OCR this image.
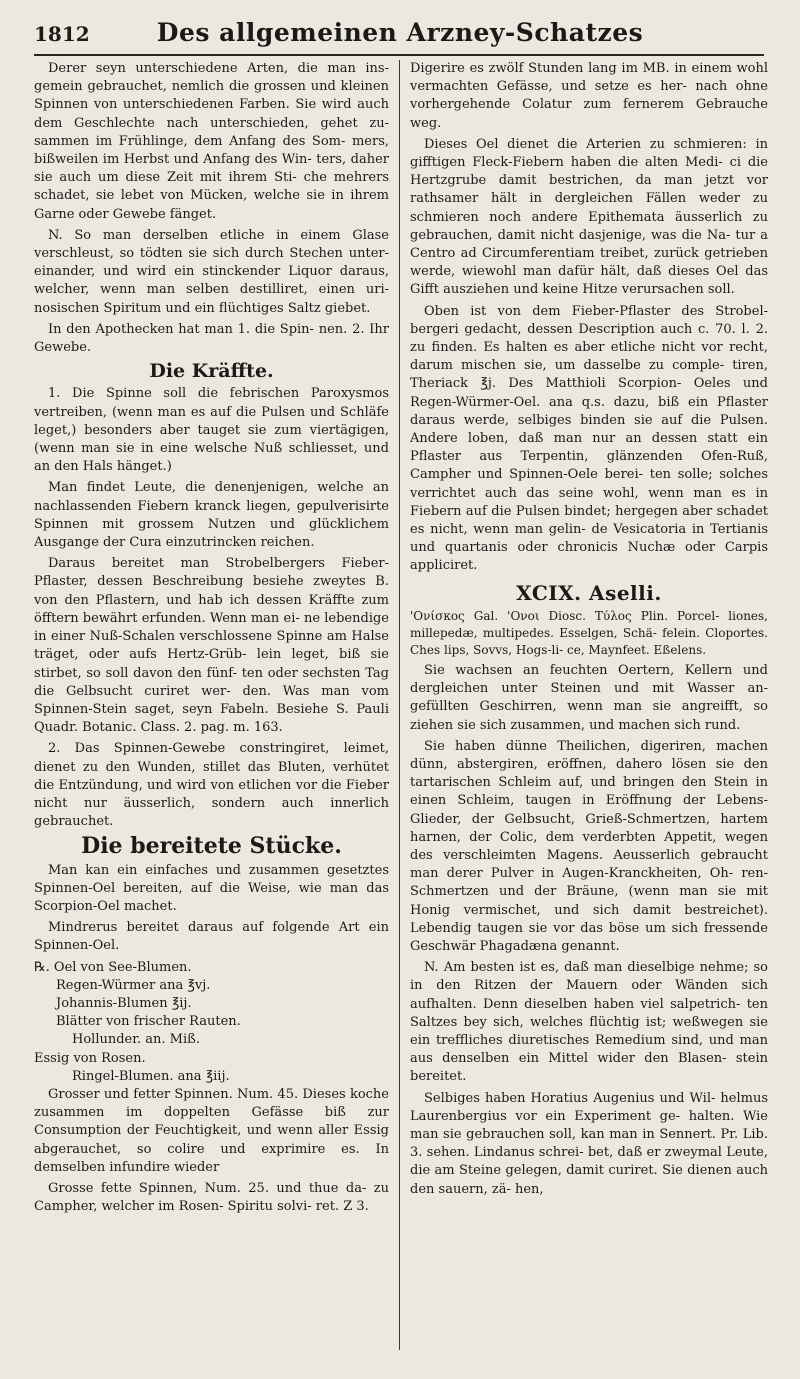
1812	Des allgemeinen Arzney-Schatzes

Derer seyn unterschiedene Arten, die man ins- gemein gebrauchet, nemlich die grossen und kleinen Spinnen von unterschiedenen Farben. Sie wird auch dem Geschlechte nach unterschieden, gehet zu- sammen im Frühlinge, dem Anfang des Som- mers, bißweilen im Herbst und Anfang des Win- ters, daher sie auch um diese Zeit mit ihrem Sti- che mehrers schadet, sie lebet von Mücken, welche sie in ihrem Garne oder Gewebe fänget.

N. So man derselben etliche in einem Glase verschleust, so tödten sie sich durch Stechen unter- einander, und wird ein stinckender Liquor daraus, welcher, wenn man selben destilliret, einen uri- nosischen Spiritum und ein flüchtiges Saltz giebet.

In den Apothecken hat man 1. die Spin- nen. 2. Ihr Gewebe.

Die Kräffte.

1. Die Spinne soll die febrischen Paroxysmos vertreiben, (wenn man es auf die Pulsen und Schläfe leget,) besonders aber tauget sie zum viertägigen, (wenn man sie in eine welsche Nuß schliesset, und an den Hals hänget.)

Man findet Leute, die denenjenigen, welche an nachlassenden Fiebern kranck liegen, gepulverisirte Spinnen mit grossem Nutzen und glücklichem Ausgange der Cura einzutrincken reichen.

Daraus bereitet man Strobelbergers Fieber- Pflaster, dessen Beschreibung besiehe zweytes B. von den Pflastern, und hab ich dessen Kräffte zum öfftern bewährt erfunden. Wenn man ei- ne lebendige in einer Nuß-Schalen verschlossene Spinne am Halse träget, oder aufs Hertz-Grüb- lein leget, biß sie stirbet, so soll davon den fünf- ten oder sechsten Tag die Gelbsucht curiret wer- den. Was man vom Spinnen-Stein saget, seyn Fabeln. Besiehe S. Pauli Quadr. Botanic. Class. 2. pag. m. 163.

2. Das Spinnen-Gewebe constringiret, leimet, dienet zu den Wunden, stillet das Bluten, verhütet die Entzündung, und wird von etlichen vor die Fieber nicht nur äusserlich, sondern auch innerlich gebrauchet.

Die bereitete Stücke.

Man kan ein einfaches und zusammen gesetztes Spinnen-Oel bereiten, auf die Weise, wie man das Scorpion-Oel machet.

Mindrerus bereitet daraus auf folgende Art ein Spinnen-Oel.

℞. Oel von See-Blumen.

Regen-Würmer ana ℥vj.

Johannis-Blumen ℥ij.

Blätter von frischer Rauten.

Hollunder. an. Miß.

Essig von Rosen.

Ringel-Blumen. ana ℥iij.

Grosser und fetter Spinnen. Num. 45. Dieses koche zusammen im doppelten Gefässe biß zur Consumption der Feuchtigkeit, und wenn aller Essig abgerauchet, so colire und exprimire es. In demselben infundire wieder

Grosse fette Spinnen, Num. 25. und thue da- zu Campher, welcher im Rosen- Spiritu solvi- ret. Z 3.

Digerire es zwölf Stunden lang im MB. in einem wohl vermachten Gefässe, und setze es her- nach ohne vorhergehende Colatur zum fernerem Gebrauche weg.

Dieses Oel dienet die Arterien zu schmieren: in gifftigen Fleck-Fiebern haben die alten Medi- ci die Hertzgrube damit bestrichen, da man jetzt vor rathsamer hält in dergleichen Fällen weder zu schmieren noch andere Epithemata äusserlich zu gebrauchen, damit nicht dasjenige, was die Na- tur a Centro ad Circumferentiam treibet, zurück getrieben werde, wiewohl man dafür hält, daß dieses Oel das Gifft ausziehen und keine Hitze verursachen soll.

Oben ist von dem Fieber-Pflaster des Strobel- bergeri gedacht, dessen Description auch c. 70. l. 2. zu finden. Es halten es aber etliche nicht vor recht, darum mischen sie, um dasselbe zu comple- tiren, Theriack ℥j. Des Matthioli Scorpion- Oeles und Regen-Würmer-Oel. ana q.s. dazu, biß ein Pflaster daraus werde, selbiges binden sie auf die Pulsen. Andere loben, daß man nur an dessen statt ein Pflaster aus Terpentin, glänzenden Ofen-Ruß, Campher und Spinnen-Oele berei- ten solle; solches verrichtet auch das seine wohl, wenn man es in Fiebern auf die Pulsen bindet; hergegen aber schadet es nicht, wenn man gelin- de Vesicatoria in Tertianis und quartanis oder chronicis Nuchæ oder Carpis appliciret.

XCIX. Aselli.

'Ονίσκος Gal. 'Ονοι Diosc. Τύλος Plin. Porcel- liones, millepedæ, multipedes. Esselgen, Schä- felein. Cloportes. Ches lips, Sovvs, Hogs-li- ce, Maynfeet. Eßelens.

Sie wachsen an feuchten Oertern, Kellern und dergleichen unter Steinen und mit Wasser an- gefüllten Geschirren, wenn man sie angreifft, so ziehen sie sich zusammen, und machen sich rund.

Sie haben dünne Theilichen, digeriren, machen dünn, abstergiren, eröffnen, dahero lösen sie den tartarischen Schleim auf, und bringen den Stein in einen Schleim, taugen in Eröffnung der Lebens- Glieder, der Gelbsucht, Grieß-Schmertzen, hartem harnen, der Colic, dem verderbten Appetit, wegen des verschleimten Magens. Aeusserlich gebraucht man derer Pulver in Augen-Kranckheiten, Oh- ren-Schmertzen und der Bräune, (wenn man sie mit Honig vermischet, und sich damit bestreichet). Lebendig taugen sie vor das böse um sich fressende Geschwär Phagadæna genannt.

N. Am besten ist es, daß man dieselbige nehme; so in den Ritzen der Mauern oder Wänden sich aufhalten. Denn dieselben haben viel salpetrich- ten Saltzes bey sich, welches flüchtig ist; weßwegen sie ein treffliches diuretisches Remedium sind, und man aus denselben ein Mittel wider den Blasen- stein bereitet.

Selbiges haben Horatius Augenius und Wil- helmus Laurenbergius vor ein Experiment ge- halten. Wie man sie gebrauchen soll, kan man in Sennert. Pr. Lib. 3. sehen. Lindanus schrei- bet, daß er zweymal Leute, die am Steine gelegen, damit curiret. Sie dienen auch den sauern, zä- hen,
